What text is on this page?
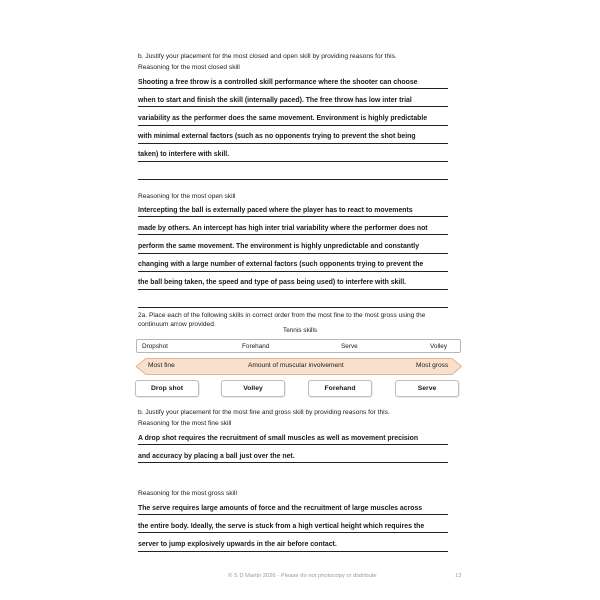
b. Justify your placement for the most closed and open skill by providing reasons for this.
Reasoning for the most closed skill
Shooting a free throw is a controlled skill performance where the shooter can choose
when to start and finish the skill (internally paced). The free throw has low inter trial
variability as the performer does the same movement. Environment is highly predictable
with minimal external factors (such as no opponents trying to prevent the shot being
taken) to interfere with skill.
Reasoning for the most open skill
Intercepting the ball is externally paced where the player has to react to movements
made by others. An intercept has high inter trial variability where the performer does not
perform the same movement. The environment is highly unpredictable and constantly
changing with a large number of external factors (such opponents trying to prevent the
the ball being taken, the speed and type of pass being used) to interfere with skill.
2a. Place each of the following skills in correct order from the most fine to the most gross using the
continuum arrow provided.
Tennis skills
Dropshot	Forehand	Serve	Volley
Most fine	Amount of muscular involvement	Most gross
Drop shot	Volley	Forehand	Serve
b. Justify your placement for the most fine and gross skill by providing reasons for this.
Reasoning for the most fine skill
A drop shot requires the recruitment of small muscles as well as movement precision
and accuracy by placing a ball just over the net.
Reasoning for the most gross skill
The serve requires large amounts of force and the recruitment of large muscles across
the entire body. Ideally, the serve is stuck from a high vertical height which requires the
server to jump explosively upwards in the air before contact.
© S D Martin 2026 - Please do not photocopy or distribute	13
